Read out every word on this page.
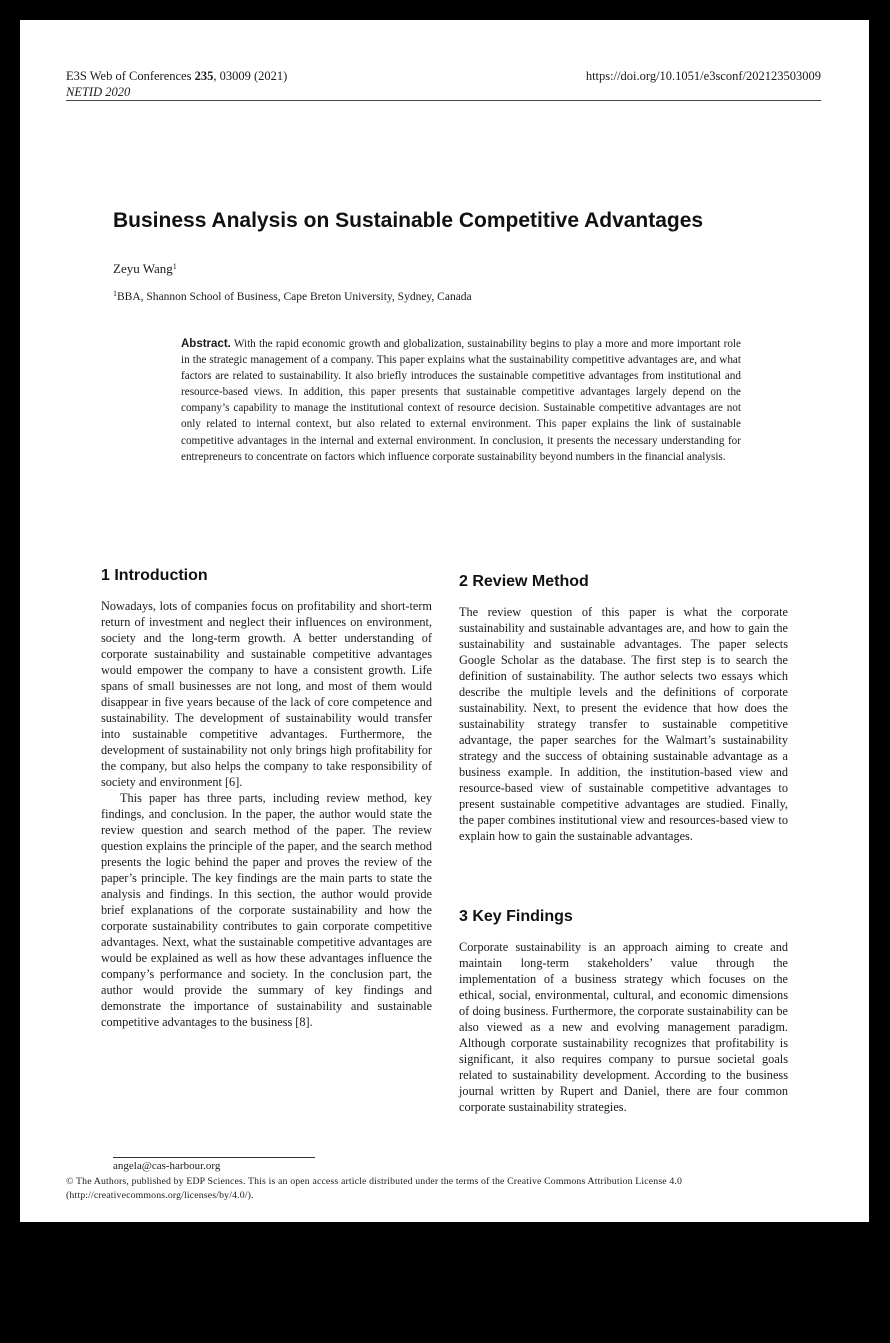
E3S Web of Conferences 235, 03009 (2021)
NETID 2020
https://doi.org/10.1051/e3sconf/202123503009
Business Analysis on Sustainable Competitive Advantages
Zeyu Wang$^1$
$^1$BBA, Shannon School of Business, Cape Breton University, Sydney, Canada
Abstract. With the rapid economic growth and globalization, sustainability begins to play a more and more important role in the strategic management of a company. This paper explains what the sustainability competitive advantages are, and what factors are related to sustainability. It also briefly introduces the sustainable competitive advantages from institutional and resource-based views. In addition, this paper presents that sustainable competitive advantages largely depend on the company’s capability to manage the institutional context of resource decision. Sustainable competitive advantages are not only related to internal context, but also related to external environment. This paper explains the link of sustainable competitive advantages in the internal and external environment. In conclusion, it presents the necessary understanding for entrepreneurs to concentrate on factors which influence corporate sustainability beyond numbers in the financial analysis.
1 Introduction

Nowadays, lots of companies focus on profitability and short-term return of investment and neglect their influences on environment, society and the long-term growth. A better understanding of corporate sustainability and sustainable competitive advantages would empower the company to have a consistent growth. Life spans of small businesses are not long, and most of them would disappear in five years because of the lack of core competence and sustainability. The development of sustainability would transfer into sustainable competitive advantages. Furthermore, the development of sustainability not only brings high profitability for the company, but also helps the company to take responsibility of society and environment [6].

This paper has three parts, including review method, key findings, and conclusion. In the paper, the author would state the review question and search method of the paper. The review question explains the principle of the paper, and the search method presents the logic behind the paper and proves the review of the paper’s principle. The key findings are the main parts to state the analysis and findings. In this section, the author would provide brief explanations of the corporate sustainability and how the corporate sustainability contributes to gain corporate competitive advantages. Next, what the sustainable competitive advantages are would be explained as well as how these advantages influence the company’s performance and society. In the conclusion part, the author would provide the summary of key findings and demonstrate the importance of sustainability and sustainable competitive advantages to the business [8].

2 Review Method

The review question of this paper is what the corporate sustainability and sustainable advantages are, and how to gain the sustainability and sustainable advantages. The paper selects Google Scholar as the database. The first step is to search the definition of sustainability. The author selects two essays which describe the multiple levels and the definitions of corporate sustainability. Next, to present the evidence that how does the sustainability strategy transfer to sustainable competitive advantage, the paper searches for the Walmart’s sustainability strategy and the success of obtaining sustainable advantage as a business example. In addition, the institution-based view and resource-based view of sustainable competitive advantages to present sustainable competitive advantages are studied. Finally, the paper combines institutional view and resources-based view to explain how to gain the sustainable advantages.

3 Key Findings

Corporate sustainability is an approach aiming to create and maintain long-term stakeholders’ value through the implementation of a business strategy which focuses on the ethical, social, environmental, cultural, and economic dimensions of doing business. Furthermore, the corporate sustainability can be also viewed as a new and evolving management paradigm. Although corporate sustainability recognizes that profitability is significant, it also requires company to pursue societal goals related to sustainability development. According to the business journal written by Rupert and Daniel, there are four common corporate sustainability strategies.

angela@cas-harbour.org
© The Authors, published by EDP Sciences. This is an open access article distributed under the terms of the Creative Commons Attribution License 4.0
(http://creativecommons.org/licenses/by/4.0/).
